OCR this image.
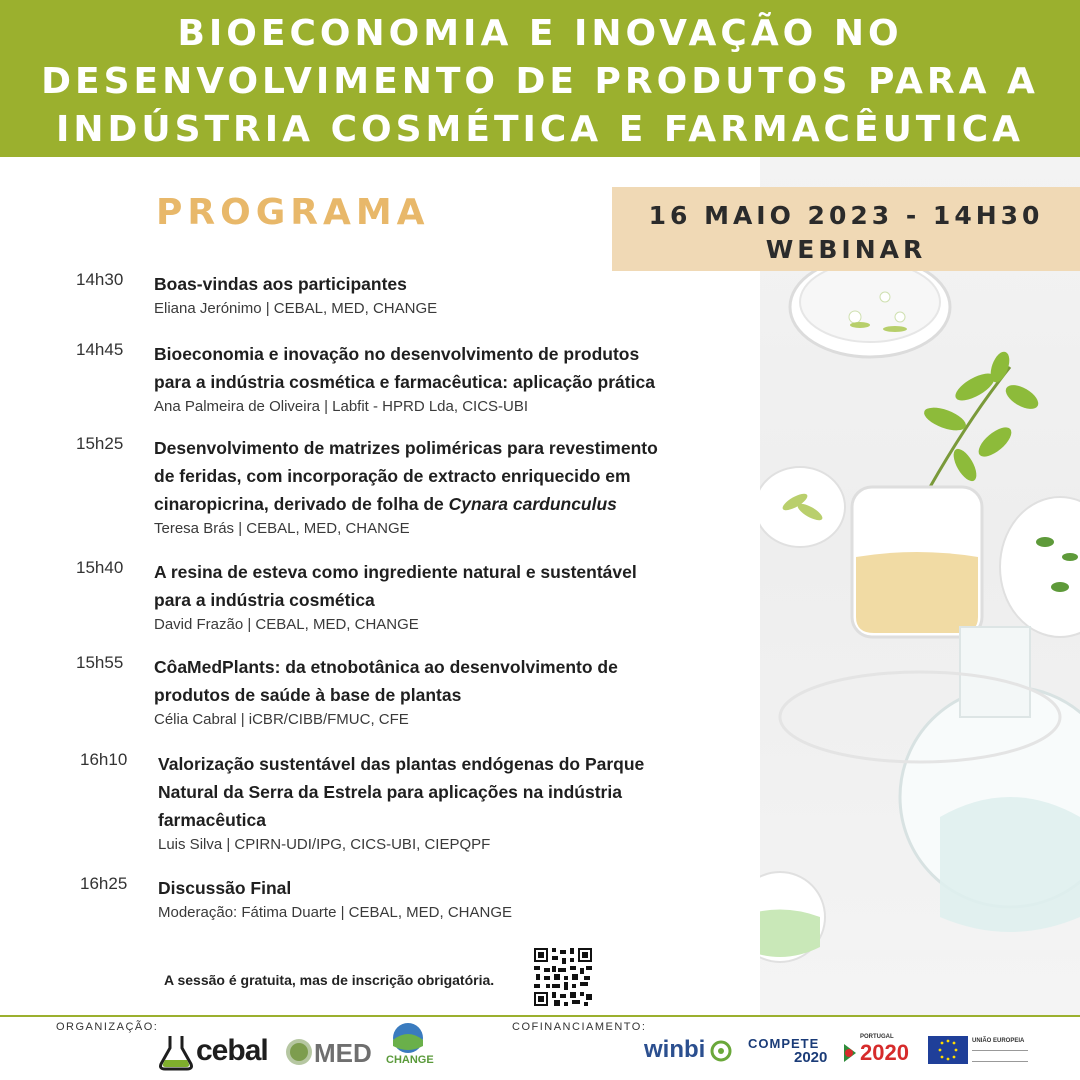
BIOECONOMIA E INOVAÇÃO NO
DESENVOLVIMENTO DE PRODUTOS PARA A
INDÚSTRIA COSMÉTICA E FARMACÊUTICA
PROGRAMA	16 MAIO 2023 - 14H30
WEBINAR
14h30 Boas-vindas aos participantes
Eliana Jerónimo | CEBAL, MED, CHANGE
14h45 Bioeconomia e inovação no desenvolvimento de produtos
para a indústria cosmética e farmacêutica: aplicação prática
Ana Palmeira de Oliveira | Labfit - HPRD Lda, CICS-UBI
15h25 Desenvolvimento de matrizes poliméricas para revestimento
de feridas, com incorporação de extracto enriquecido em
cinaropicrina, derivado de folha de Cynara cardunculus
Teresa Brás | CEBAL, MED, CHANGE
15h40 A resina de esteva como ingrediente natural e sustentável
para a indústria cosmética
David Frazão | CEBAL, MED, CHANGE
15h55 CôaMedPlants: da etnobotânica ao desenvolvimento de
produtos de saúde à base de plantas
Célia Cabral | iCBR/CIBB/FMUC, CFE
16h10 Valorização sustentável das plantas endógenas do Parque
Natural da Serra da Estrela para aplicações na indústria
farmacêutica
Luis Silva | CPIRN-UDI/IPG, CICS-UBI, CIEPQPF
16h25 Discussão Final
Moderação: Fátima Duarte | CEBAL, MED, CHANGE
A sessão é gratuita, mas de inscrição obrigatória.
ORGANIZAÇÃO:	COFINANCIAMENTO:
cebal MED CHANGE	winbi	COMPETE
2020
PORTUGAL
2020	UNIÃO EUROPEIA
